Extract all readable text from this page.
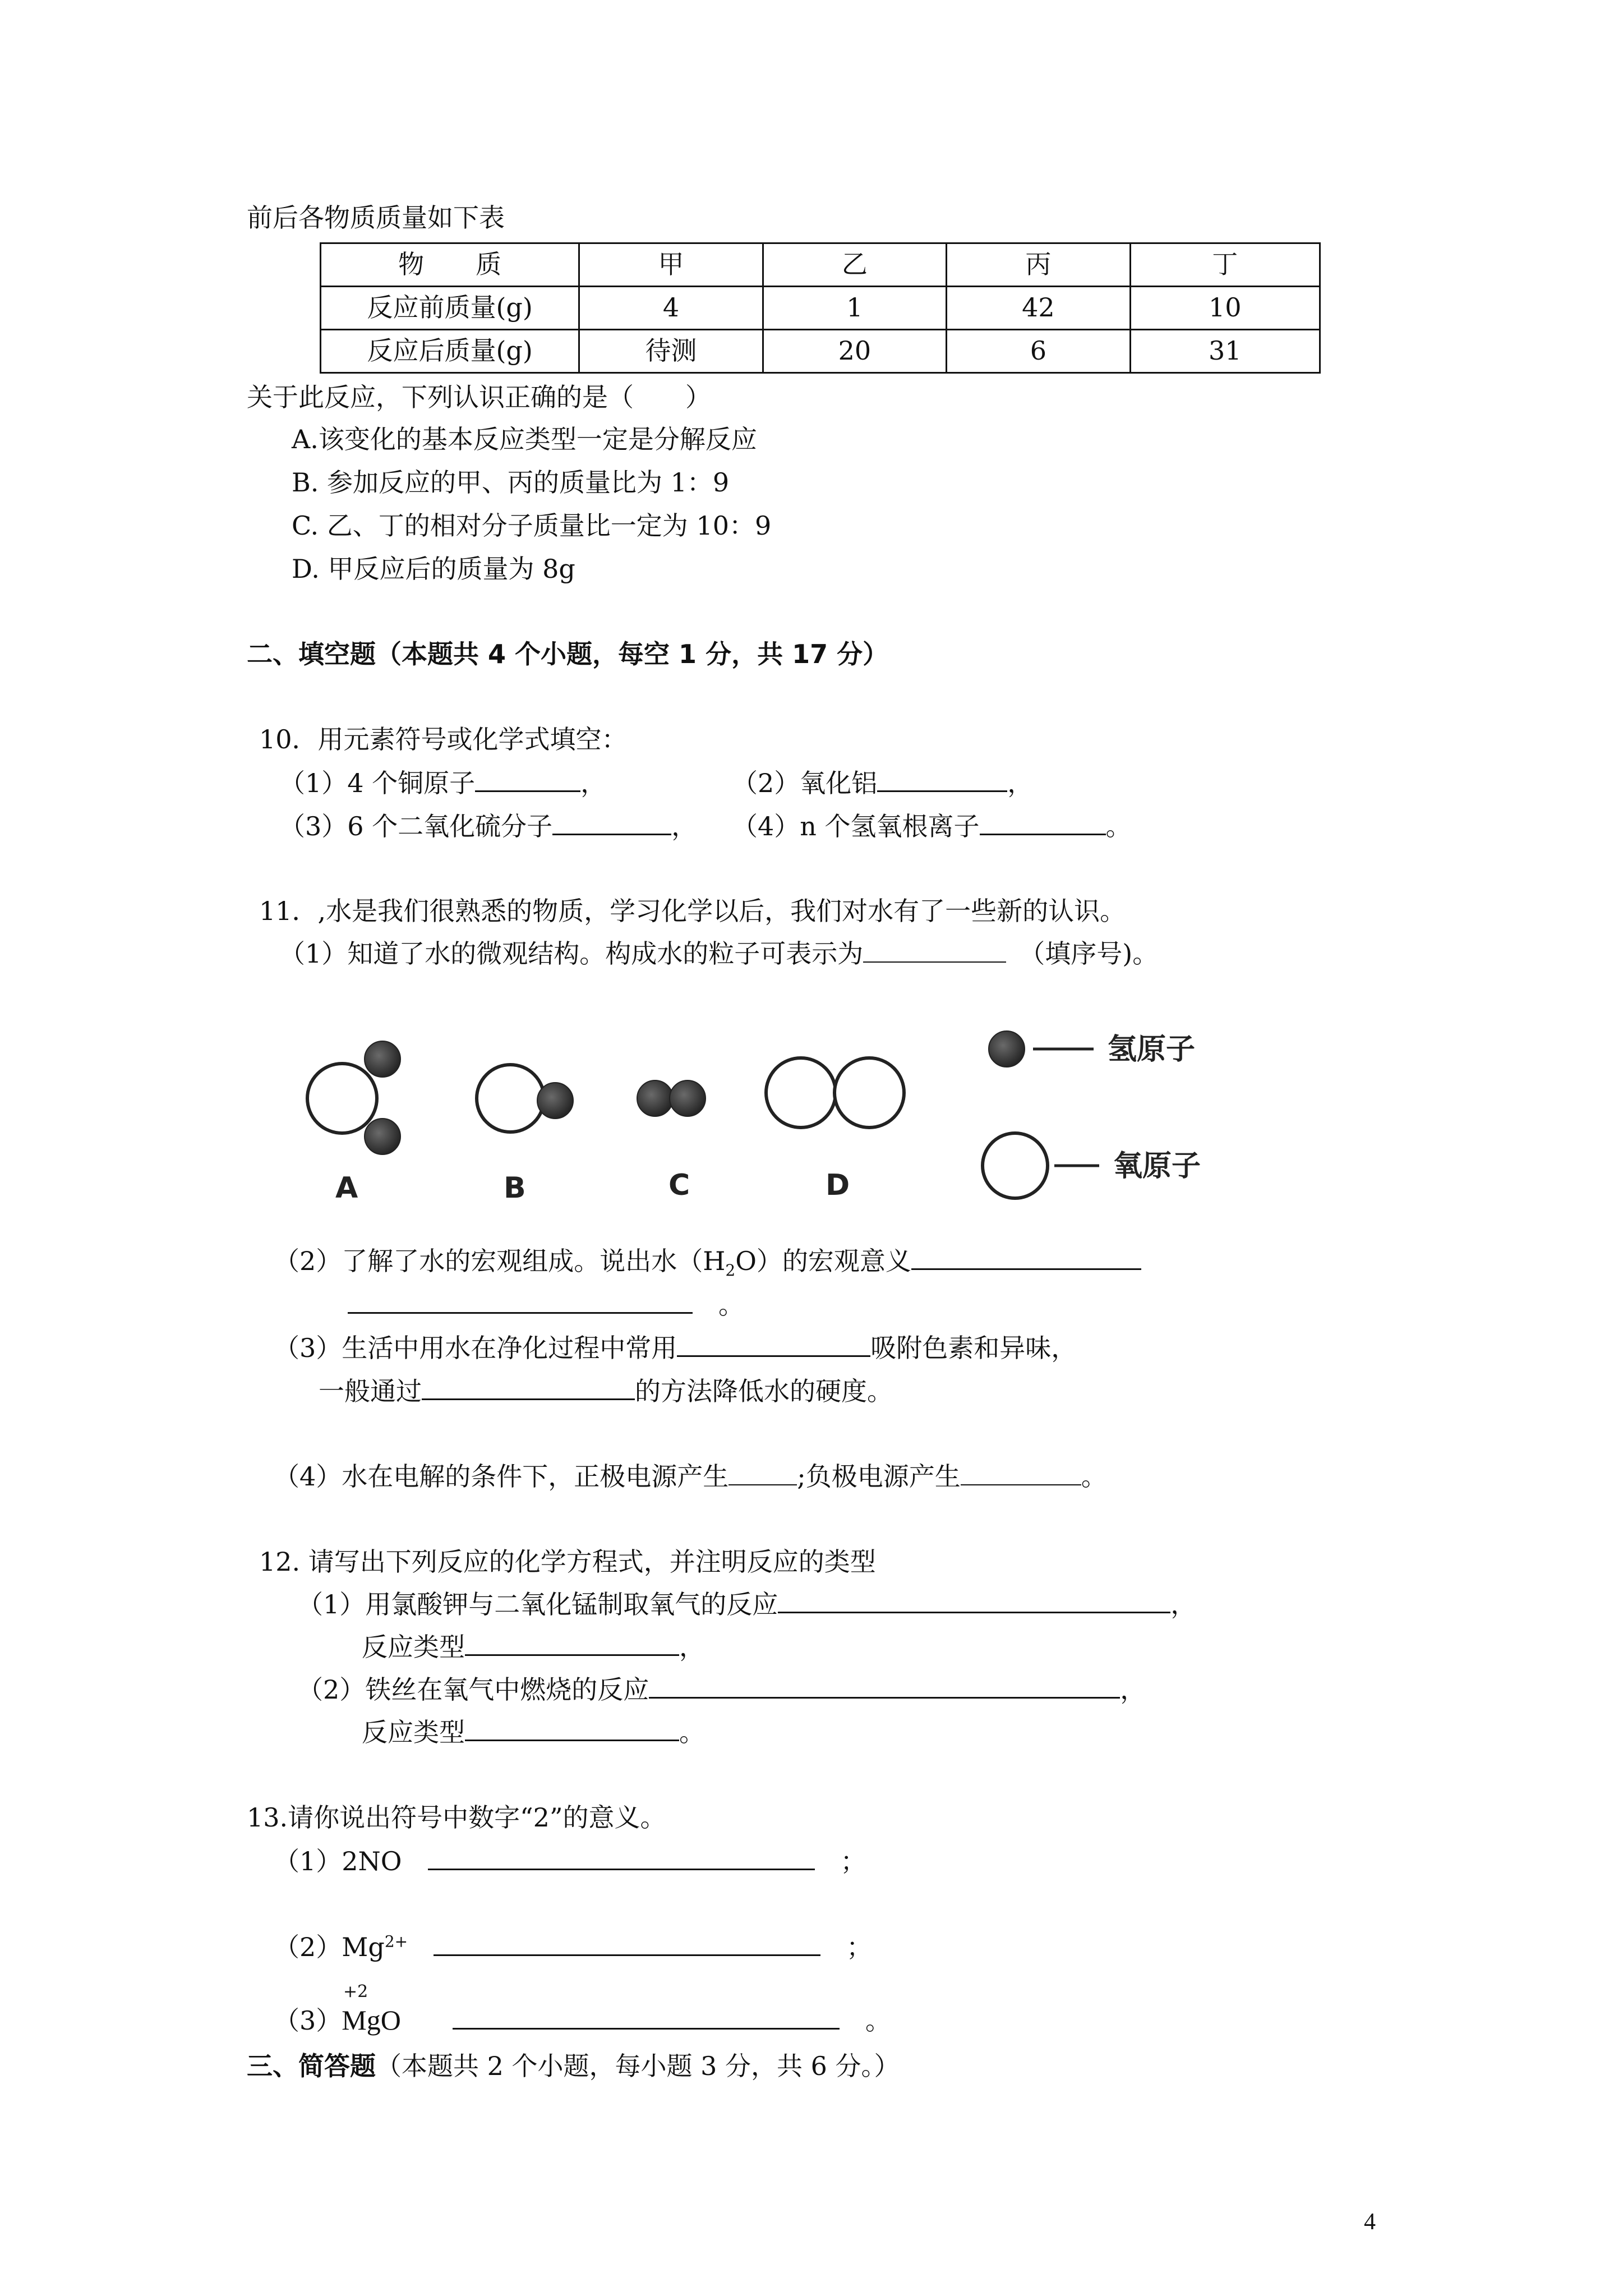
前后各物质质量如下表
物　　质	甲	乙	丙	丁
反应前质量(g)	4	1	42	10
反应后质量(g)	待测	20	6	31
关于此反应，下列认识正确的是（　　）
A.该变化的基本反应类型一定是分解反应
B. 参加反应的甲、丙的质量比为 1：9
C. 乙、丁的相对分子质量比一定为 10：9
D. 甲反应后的质量为 8g
二、填空题（本题共 4 个小题，每空 1 分，共 17 分）
10．用元素符号或化学式填空：
（1）4 个铜原子	，	（2）氧化铝	，
（3）6 个二氧化硫分子	， （4）n 个氢氧根离子	。
11．,水是我们很熟悉的物质，学习化学以后，我们对水有了一些新的认识。
（1）知道了水的微观结构。构成水的粒子可表示为　	（填序号)。
氢原子
氧原子
A	B	C	D
（2）了解了水的宏观组成。说出水$(H_2O)$的宏观意义
　。
（3）生活中用水在净化过程中常用	吸附色素和异味，
一般通过	的方法降低水的硬度。
（4）水在电解的条件下，正极电源产生	;负极电源产生	。
12. 请写出下列反应的化学方程式，并注明反应的类型
（1）用氯酸钾与二氧化锰制取氧气的反应	，
反应类型	，
（2）铁丝在氧气中燃烧的反应	，
反应类型	。
13.请你说出符号中数字“2”的意义。
（1）2NO　　	；
$(2)Mg^{2+}$　　	；
+2
（3）MgO　　　	。
三、简答题（本题共 2 个小题，每小题 3 分，共 6 分。）
4
